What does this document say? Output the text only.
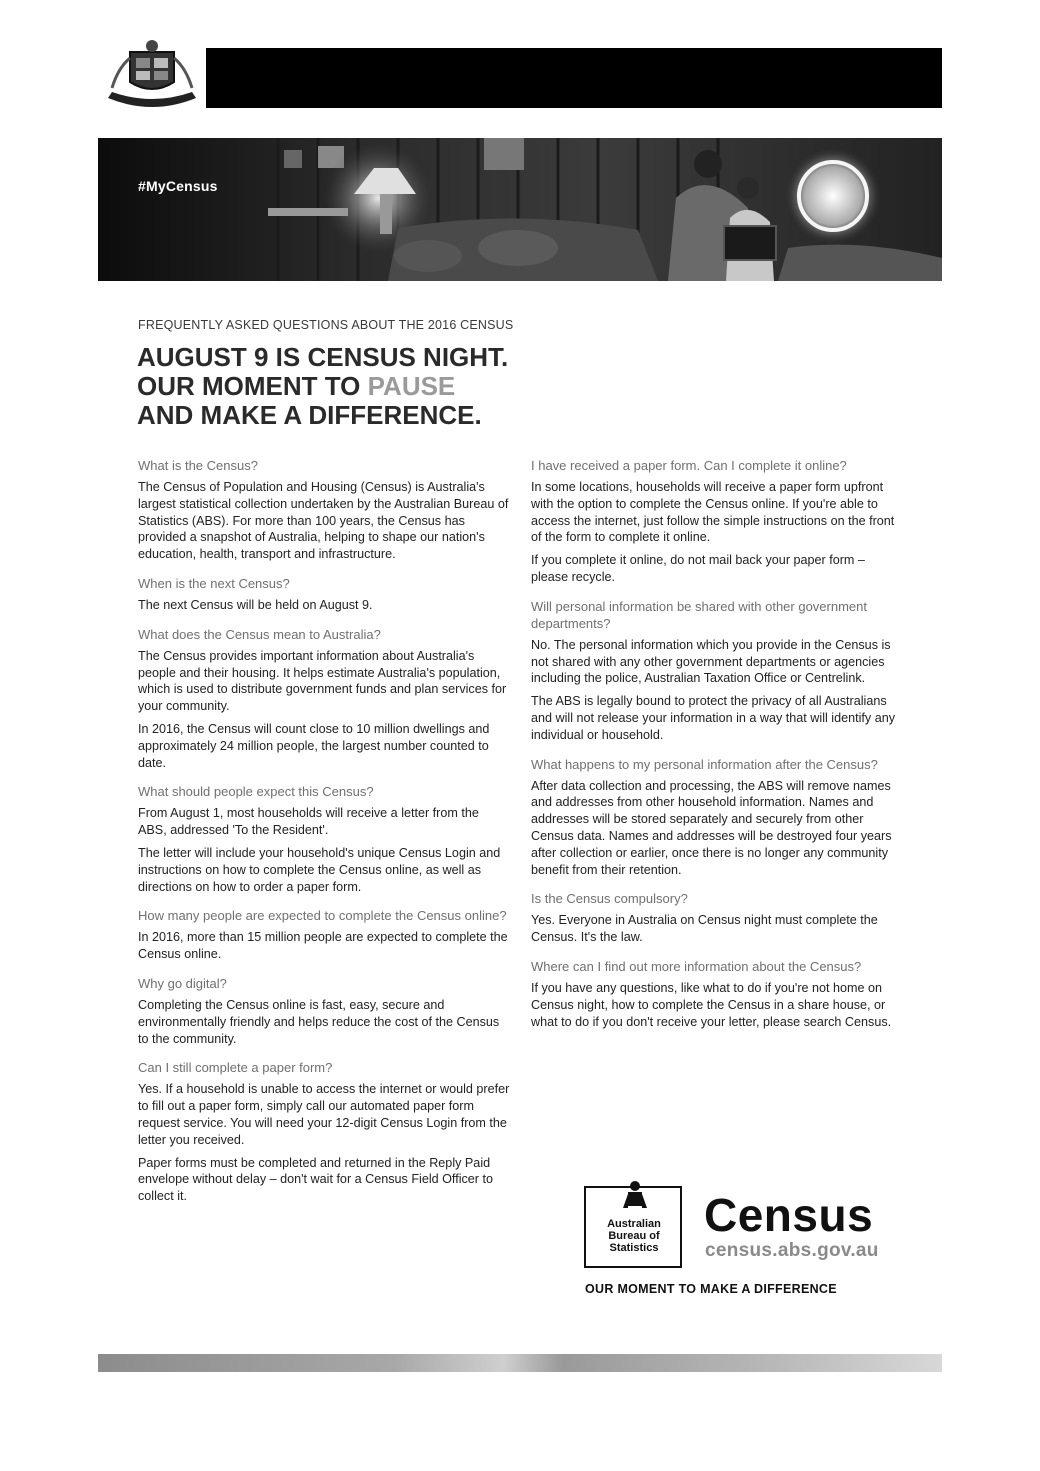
#MyCensus
FREQUENTLY ASKED QUESTIONS ABOUT THE 2016 CENSUS
AUGUST 9 IS CENSUS NIGHT.
OUR MOMENT TO PAUSE
AND MAKE A DIFFERENCE.
What is the Census?
The Census of Population and Housing (Census) is Australia's largest statistical collection undertaken by the Australian Bureau of Statistics (ABS). For more than 100 years, the Census has provided a snapshot of Australia, helping to shape our nation's education, health, transport and infrastructure.
When is the next Census?
The next Census will be held on August 9.
What does the Census mean to Australia?
The Census provides important information about Australia's people and their housing. It helps estimate Australia's population, which is used to distribute government funds and plan services for your community.
In 2016, the Census will count close to 10 million dwellings and approximately 24 million people, the largest number counted to date.
What should people expect this Census?
From August 1, most households will receive a letter from the ABS, addressed 'To the Resident'.
The letter will include your household's unique Census Login and instructions on how to complete the Census online, as well as directions on how to order a paper form.
How many people are expected to complete the Census online?
In 2016, more than 15 million people are expected to complete the Census online.
Why go digital?
Completing the Census online is fast, easy, secure and environmentally friendly and helps reduce the cost of the Census to the community.
Can I still complete a paper form?
Yes. If a household is unable to access the internet or would prefer to fill out a paper form, simply call our automated paper form request service. You will need your 12-digit Census Login from the letter you received.
Paper forms must be completed and returned in the Reply Paid envelope without delay – don't wait for a Census Field Officer to collect it.
I have received a paper form. Can I complete it online?
In some locations, households will receive a paper form upfront with the option to complete the Census online. If you're able to access the internet, just follow the simple instructions on the front of the form to complete it online.
If you complete it online, do not mail back your paper form – please recycle.
Will personal information be shared with other government departments?
No. The personal information which you provide in the Census is not shared with any other government departments or agencies including the police, Australian Taxation Office or Centrelink.
The ABS is legally bound to protect the privacy of all Australians and will not release your information in a way that will identify any individual or household.
What happens to my personal information after the Census?
After data collection and processing, the ABS will remove names and addresses from other household information. Names and addresses will be stored separately and securely from other Census data. Names and addresses will be destroyed four years after collection or earlier, once there is no longer any community benefit from their retention.
Is the Census compulsory?
Yes. Everyone in Australia on Census night must complete the Census. It's the law.
Where can I find out more information about the Census?
If you have any questions, like what to do if you're not home on Census night, how to complete the Census in a share house, or what to do if you don't receive your letter, please search Census.
Australian
Bureau of
Statistics
Census
census.abs.gov.au
OUR MOMENT TO MAKE A DIFFERENCE
